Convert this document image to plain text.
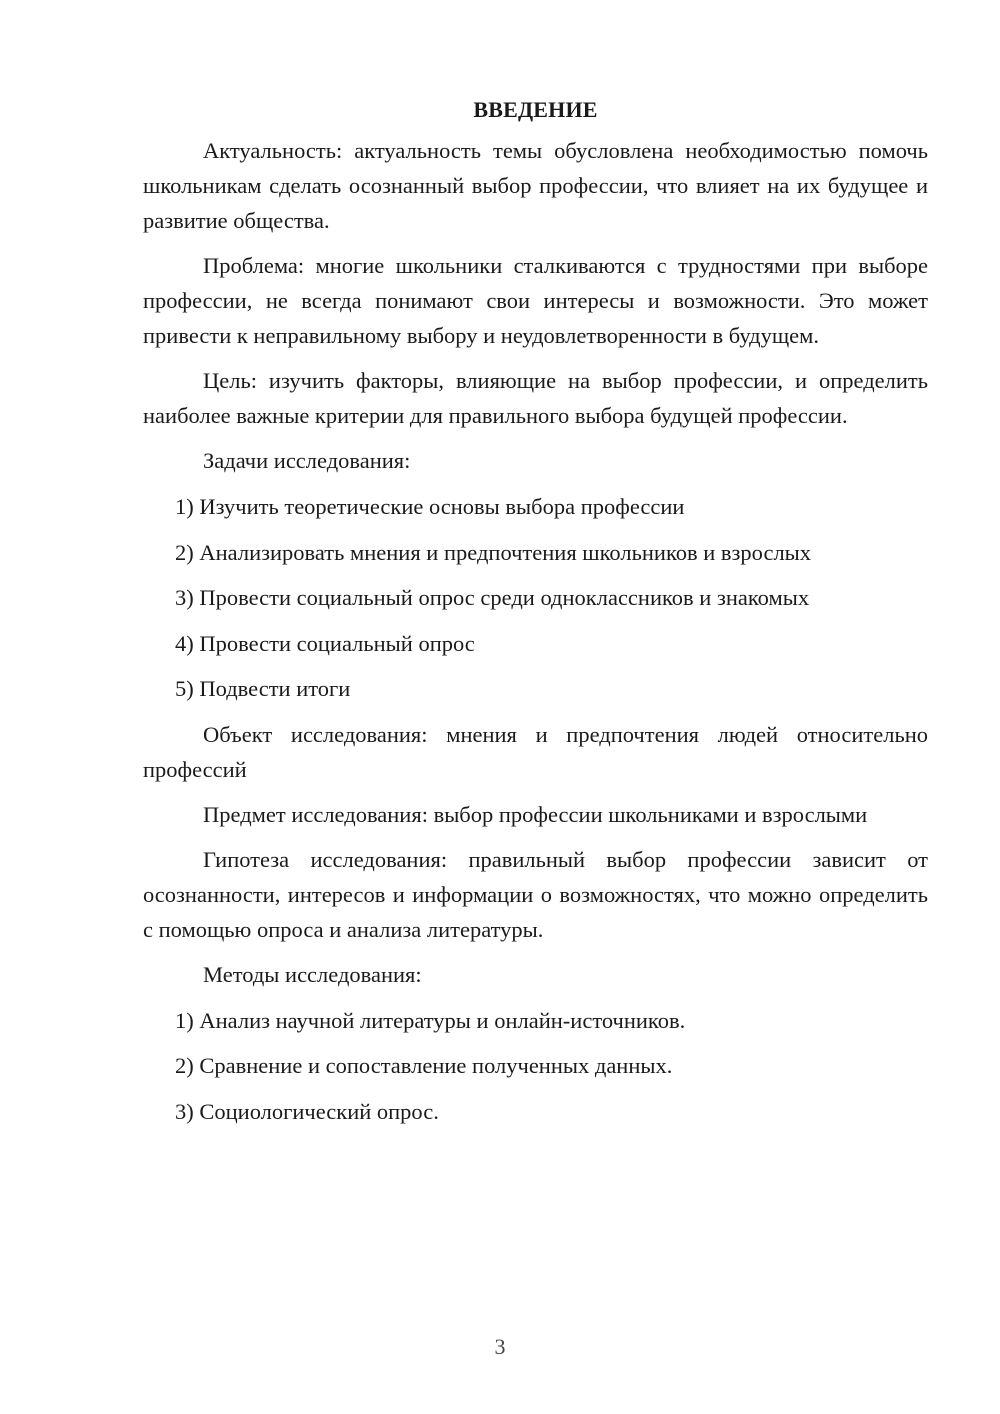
ВВЕДЕНИЕ

Актуальность: актуальность темы обусловлена необходимостью помочь школьникам сделать осознанный выбор профессии, что влияет на их будущее и развитие общества.

Проблема: многие школьники сталкиваются с трудностями при выборе профессии, не всегда понимают свои интересы и возможности. Это может привести к неправильному выбору и неудовлетворенности в будущем.

Цель: изучить факторы, влияющие на выбор профессии, и определить наиболее важные критерии для правильного выбора будущей профессии.

Задачи исследования:

1) Изучить теоретические основы выбора профессии
2) Анализировать мнения и предпочтения школьников и взрослых
3) Провести социальный опрос среди одноклассников и знакомых
4) Провести социальный опрос
5) Подвести итоги

Объект исследования: мнения и предпочтения людей относительно профессий

Предмет исследования: выбор профессии школьниками и взрослыми

Гипотеза исследования: правильный выбор профессии зависит от осознанности, интересов и информации о возможностях, что можно определить с помощью опроса и анализа литературы.

Методы исследования:

1) Анализ научной литературы и онлайн-источников.
2) Сравнение и сопоставление полученных данных.
3) Социологический опрос.
3
